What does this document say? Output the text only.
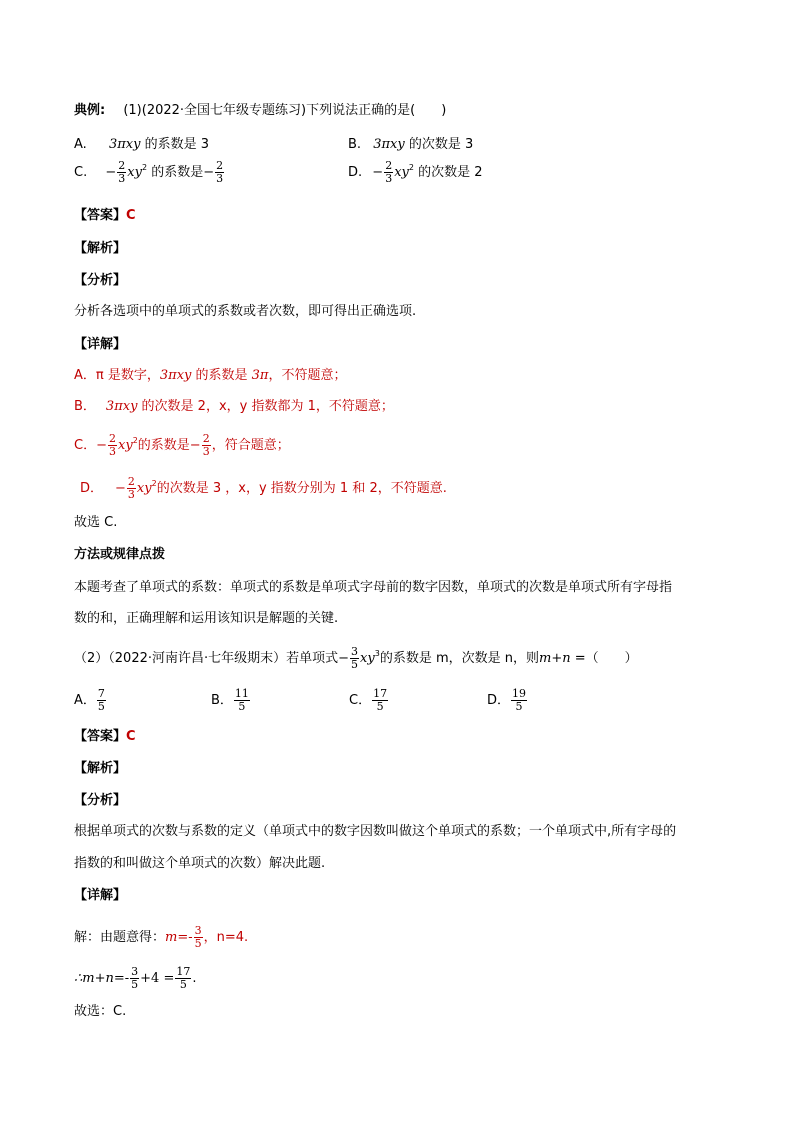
典例: (1)(2022·全国七年级专题练习)下列说法正确的是(　　)
A. 3πxy 的系数是 3	B. 3πxy 的次数是 3
C. − $\frac{2}{3} xy^2$ 的系数是− $\frac{2}{3}$	D. − $\frac{2}{3} xy^2$ 的次数是 2
【答案】C
【解析】
【分析】
分析各选项中的单项式的系数或者次数，即可得出正确选项.
【详解】
A．π 是数字，3πxy 的系数是 3π，不符题意；
B． 3πxy 的次数是 2，x，y 指数都为 1，不符题意；
C．− $\frac{2}{3} xy^2$的系数是− $\frac{2}{3}$ ，符合题意；
D． − $\frac{2}{3} xy^2$的次数是 3 ，x，y 指数分别为 1 和 2，不符题意.
故选 C.
方法或规律点拨
本题考查了单项式的系数：单项式的系数是单项式字母前的数字因数，单项式的次数是单项式所有字母指
数的和，正确理解和运用该知识是解题的关键.
（2）（2022·河南许昌·七年级期末）若单项式− $\frac{3}{5} xy^3$的系数是 m，次数是 n，则m+n =（　　）
A． $\frac{7}{5}$	B． $\frac{11}{5}$	C． $\frac{17}{5}$	D． $\frac{19}{5}$
【答案】C
【解析】
【分析】
根据单项式的次数与系数的定义（单项式中的数字因数叫做这个单项式的系数；一个单项式中,所有字母的
指数的和叫做这个单项式的次数）解决此题.
【详解】
解：由题意得：$m=- \frac{3}{5}$ ，n=4.
∴m+n=- $\frac{3}{5} +4 = \frac{17}{5}$ .
故选：C.
